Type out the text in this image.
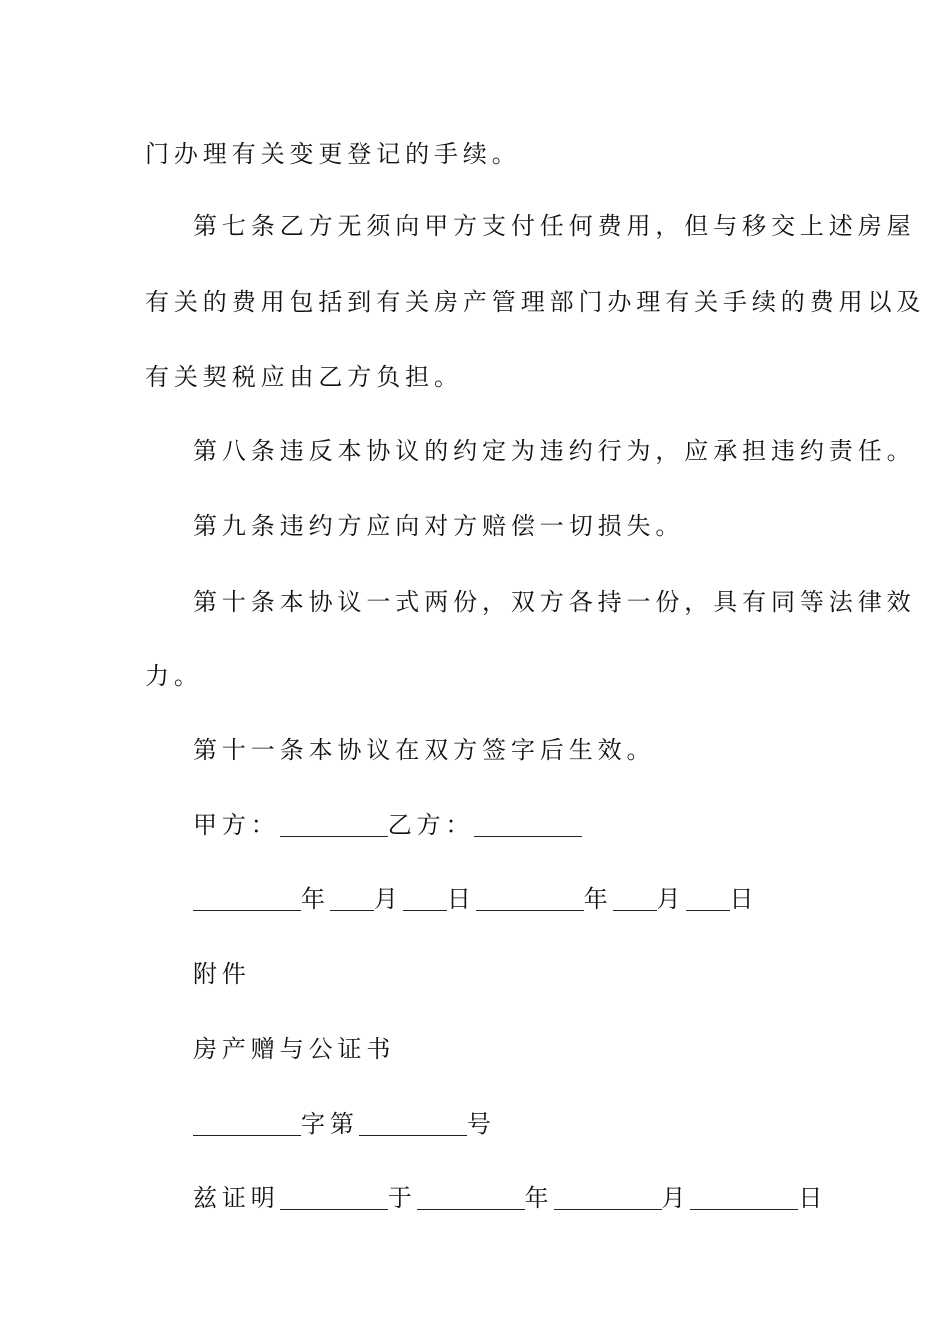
门办理有关变更登记的手续。
第七条乙方无须向甲方支付任何费用，但与移交上述房屋
有关的费用包括到有关房产管理部门办理有关手续的费用以及
有关契税应由乙方负担。
第八条违反本协议的约定为违约行为，应承担违约责任。
第九条违约方应向对方赔偿一切损失。
第十条本协议一式两份，双方各持一份，具有同等法律效
力。
第十一条本协议在双方签字后生效。
甲方：	乙方：
年 月 日	年 月 日
附件
房产赠与公证书
字第	号
兹证明	于	年	月	日
